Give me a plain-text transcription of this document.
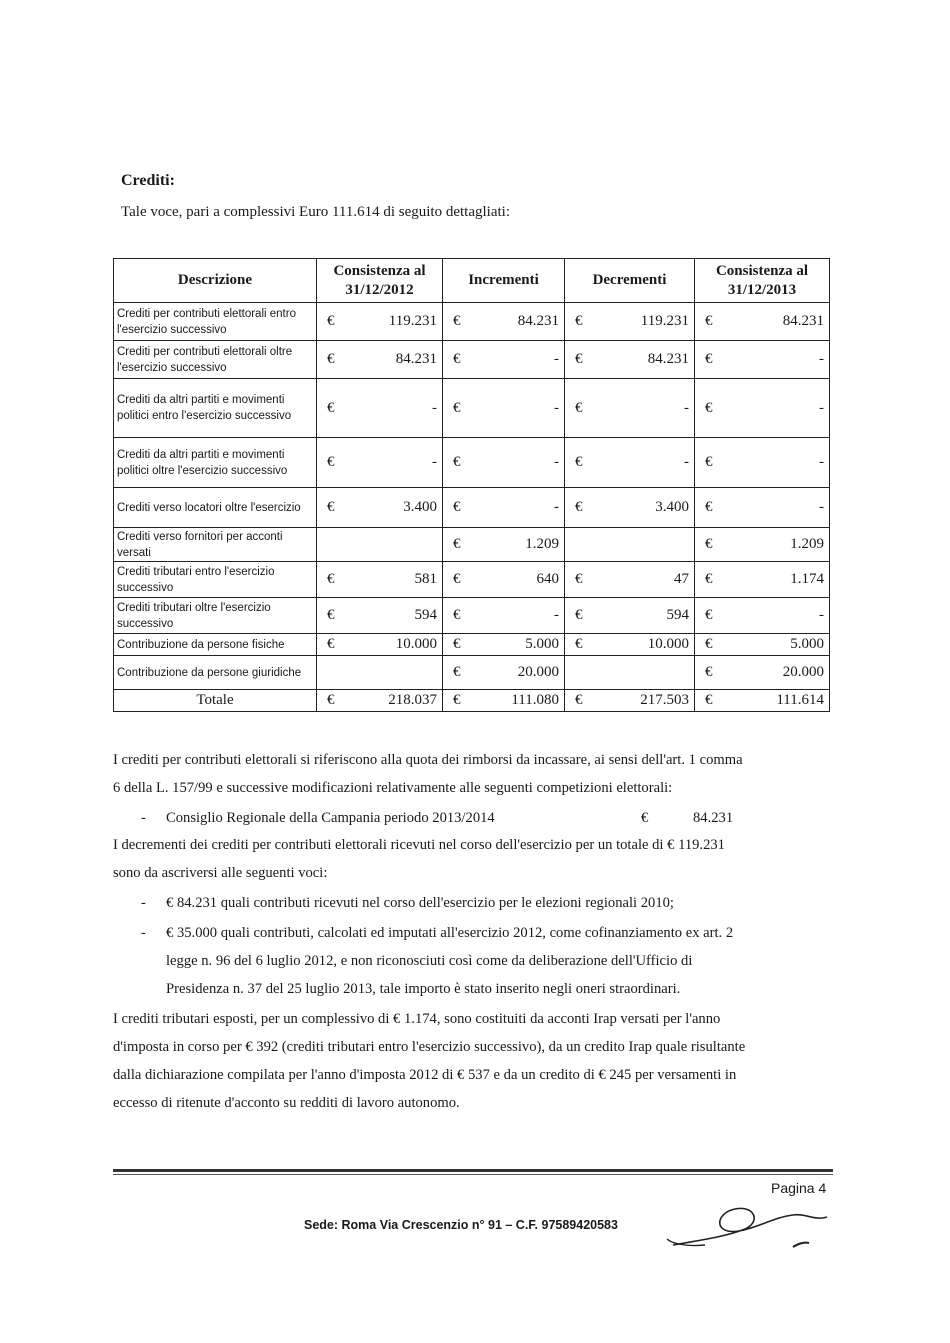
Crediti:
Tale voce, pari a complessivi Euro 111.614 di seguito dettagliati:
Descrizione	Consistenza al 31/12/2012	Incrementi	Decrementi	Consistenza al 31/12/2013
Crediti per contributi elettorali entro l'esercizio successivo	€ 119.231	€ 84.231	€ 119.231	€ 84.231

Crediti per contributi elettorali oltre l'esercizio successivo	€ 84.231	€ -	€ 84.231	€ -

Crediti da altri partiti e movimenti politici entro l'esercizio successivo	€ -	€ -	€ -	€ -

Crediti da altri partiti e movimenti politici oltre l'esercizio successivo	€ -	€ -	€ -	€ -

Crediti verso locatori oltre l'esercizio	€ 3.400	€ -	€ 3.400	€ -

Crediti verso fornitori per acconti versati		€ 1.209		€ 1.209

Crediti tributari entro l'esercizio successivo	€ 581	€ 640	€ 47	€ 1.174

Crediti tributari oltre l'esercizio successivo	€ 594	€ -	€ 594	€ -

Contribuzione da persone fisiche	€ 10.000	€ 5.000	€ 10.000	€ 5.000

Contribuzione da persone giuridiche		€ 20.000		€ 20.000

Totale	€ 218.037	€ 111.080	€ 217.503	€ 111.614
I crediti per contributi elettorali si riferiscono alla quota dei rimborsi da incassare, ai sensi dell'art. 1 comma
6 della L. 157/99 e successive modificazioni relativamente alle seguenti competizioni elettorali:
- Consiglio Regionale della Campania periodo 2013/2014	€	84.231
I decrementi dei crediti per contributi elettorali ricevuti nel corso dell'esercizio per un totale di € 119.231
sono da ascriversi alle seguenti voci:
- € 84.231 quali contributi ricevuti nel corso dell'esercizio per le elezioni regionali 2010;
- € 35.000 quali contributi, calcolati ed imputati all'esercizio 2012, come cofinanziamento ex art. 2
legge n. 96 del 6 luglio 2012, e non riconosciuti così come da deliberazione dell'Ufficio di
Presidenza n. 37 del 25 luglio 2013, tale importo è stato inserito negli oneri straordinari.
I crediti tributari esposti, per un complessivo di € 1.174, sono costituiti da acconti Irap versati per l'anno
d'imposta in corso per € 392 (crediti tributari entro l'esercizio successivo), da un credito Irap quale risultante
dalla dichiarazione compilata per l'anno d'imposta 2012 di € 537 e da un credito di € 245 per versamenti in
eccesso di ritenute d'acconto su redditi di lavoro autonomo.
Pagina 4
Sede: Roma Via Crescenzio n° 91 – C.F. 97589420583
